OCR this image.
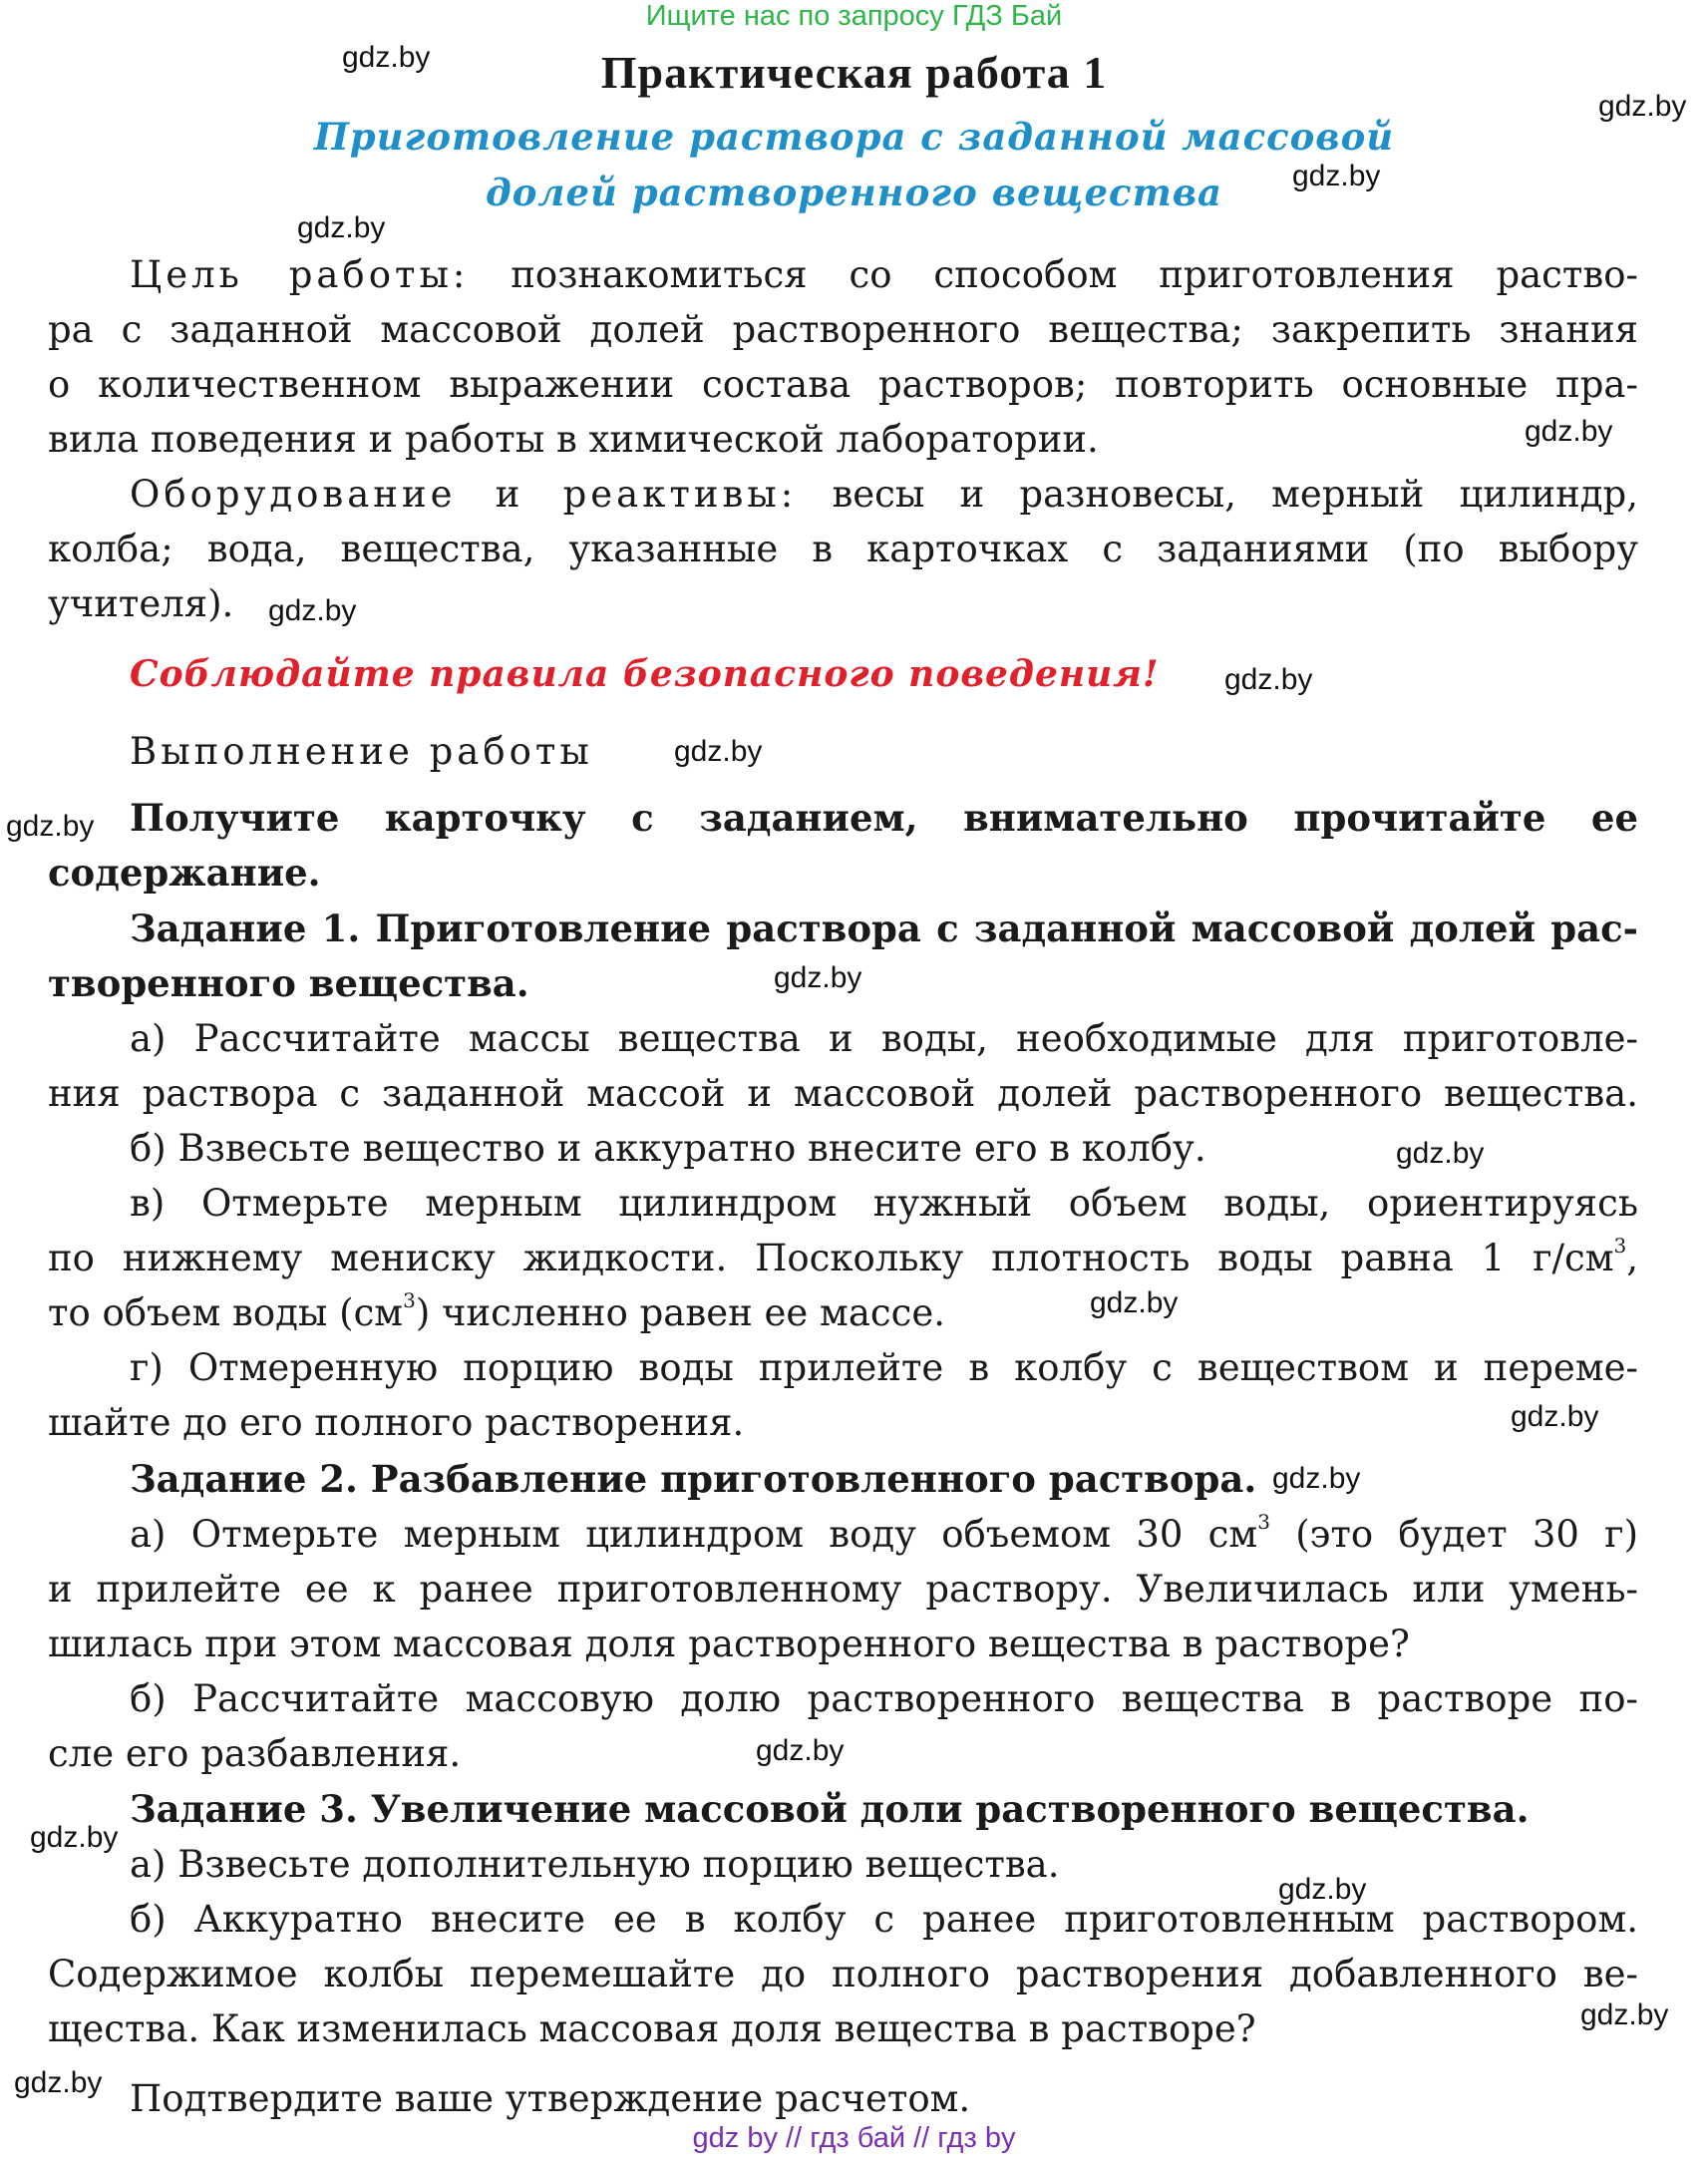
Ищите нас по запросу ГДЗ Бай
Практическая работа 1
Приготовление раствора с заданной массовой
долей растворенного вещества
Цель работы: познакомиться со способом приготовления раство-
ра с заданной массовой долей растворенного вещества; закрепить знания
о количественном выражении состава растворов; повторить основные пра-
вила поведения и работы в химической лаборатории.
Оборудование и реактивы: весы и разновесы, мерный цилиндр,
колба; вода, вещества, указанные в карточках с заданиями (по выбору
учителя).
Соблюдайте правила безопасного поведения!
Выполнение работы
Получите карточку с заданием, внимательно прочитайте ее
содержание.
Задание 1. Приготовление раствора с заданной массовой долей рас-
творенного вещества.
а) Рассчитайте массы вещества и воды, необходимые для приготовле-
ния раствора с заданной массой и массовой долей растворенного вещества.
б) Взвесьте вещество и аккуратно внесите его в колбу.
в) Отмерьте мерным цилиндром нужный объем воды, ориентируясь
по нижнему мениску жидкости. Поскольку плотность воды равна 1 $г/см^3$,
то объем воды $(см^3)$ численно равен ее массе.
г) Отмеренную порцию воды прилейте в колбу с веществом и переме-
шайте до его полного растворения.
Задание 2. Разбавление приготовленного раствора.
а) Отмерьте мерным цилиндром воду объемом 30 $см^3$ (это будет 30 г)
и прилейте ее к ранее приготовленному раствору. Увеличилась или умень-
шилась при этом массовая доля растворенного вещества в растворе?
б) Рассчитайте массовую долю растворенного вещества в растворе по-
сле его разбавления.
Задание 3. Увеличение массовой доли растворенного вещества.
а) Взвесьте дополнительную порцию вещества.
б) Аккуратно внесите ее в колбу с ранее приготовленным раствором.
Содержимое колбы перемешайте до полного растворения добавленного ве-
щества. Как изменилась массовая доля вещества в растворе?
Подтвердите ваше утверждение расчетом.
gdz.by
gdz.by
gdz.by
gdz.by
gdz.by
gdz.by
gdz.by
gdz.by
gdz.by
gdz.by
gdz.by
gdz.by
gdz.by
gdz.by
gdz.by
gdz.by
gdz.by
gdz.by
gdz.by
gdz by // гдз бай // гдз by
